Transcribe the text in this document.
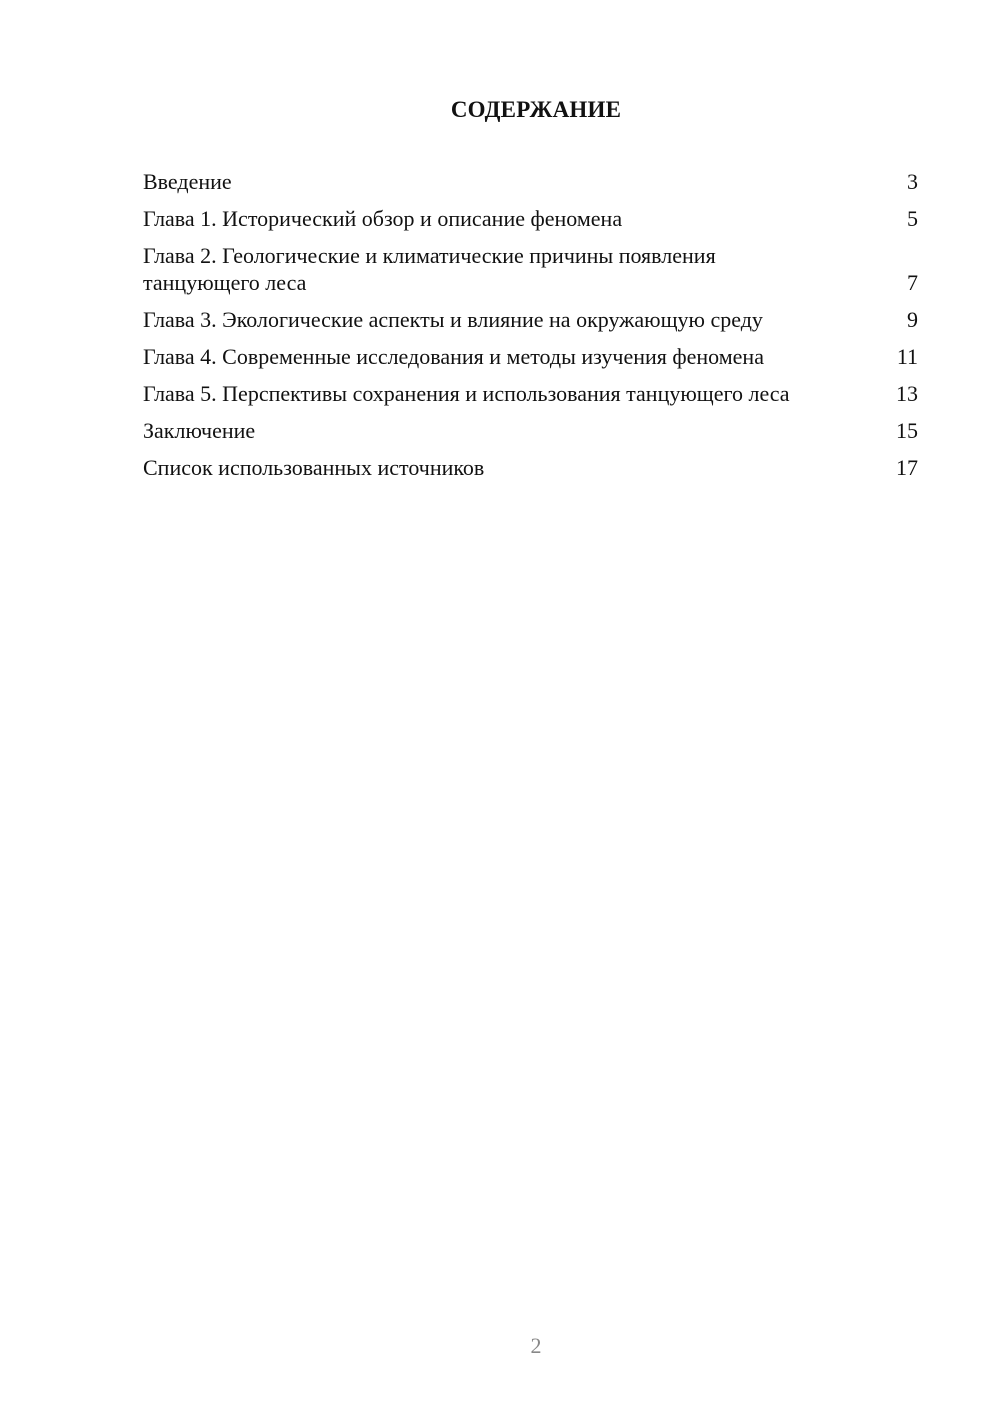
СОДЕРЖАНИЕ
Введение	3
Глава 1. Исторический обзор и описание феномена	5
Глава 2. Геологические и климатические причины появления танцующего леса	7
Глава 3. Экологические аспекты и влияние на окружающую среду	9
Глава 4. Современные исследования и методы изучения феномена	11
Глава 5. Перспективы сохранения и использования танцующего леса	13
Заключение	15
Список использованных источников	17
2
